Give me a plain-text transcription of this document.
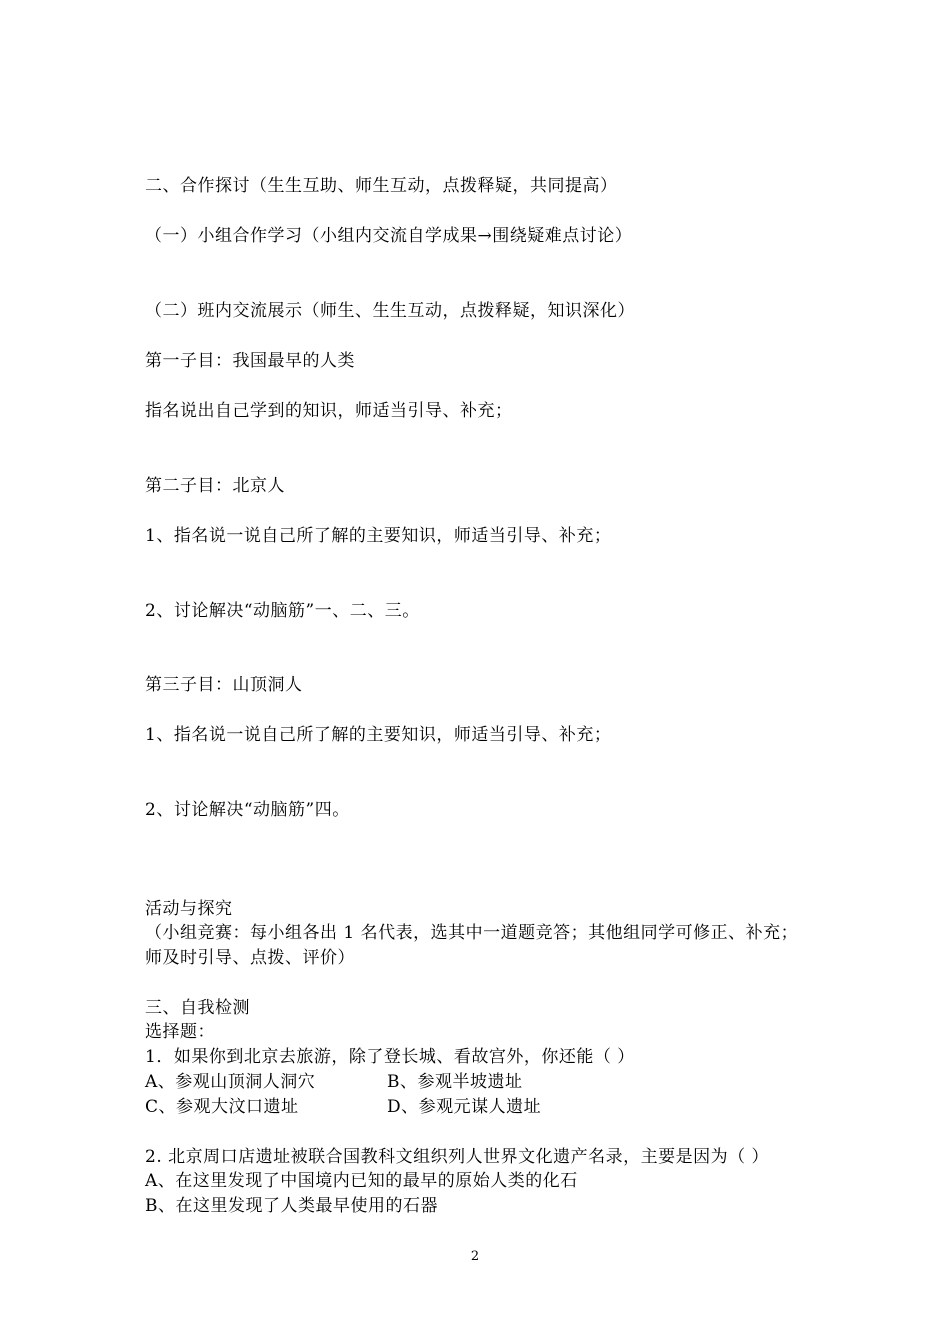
二、合作探讨（生生互助、师生互动，点拨释疑，共同提高）
（一）小组合作学习（小组内交流自学成果→围绕疑难点讨论）
（二）班内交流展示（师生、生生互动，点拨释疑，知识深化）
第一子目：我国最早的人类
指名说出自己学到的知识，师适当引导、补充；
第二子目：北京人
1、指名说一说自己所了解的主要知识，师适当引导、补充；
2、讨论解决“动脑筋”一、二、三。
第三子目：山顶洞人
1、指名说一说自己所了解的主要知识，师适当引导、补充；
2、讨论解决“动脑筋”四。
活动与探究
（小组竞赛：每小组各出 1 名代表，选其中一道题竞答；其他组同学可修正、补充；
师及时引导、点拨、评价）
三、自我检测
选择题：
1．如果你到北京去旅游，除了登长城、看故宫外，你还能（ ）
A、参观山顶洞人洞穴	B、参观半坡遗址
C、参观大汶口遗址	D、参观元谋人遗址
2. 北京周口店遗址被联合国教科文组织列人世界文化遗产名录，主要是因为（ ）
A、在这里发现了中国境内已知的最早的原始人类的化石
B、在这里发现了人类最早使用的石器
2
